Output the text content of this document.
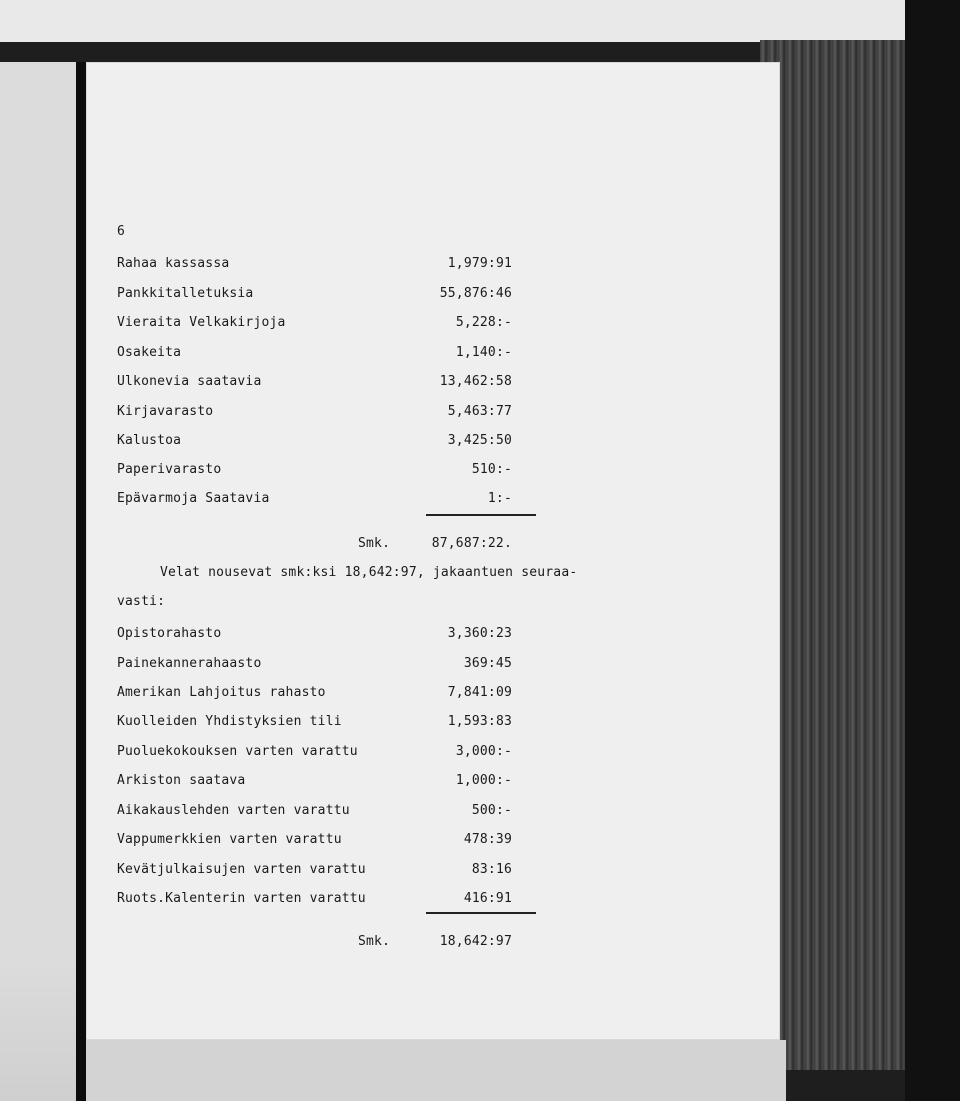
6
Rahaa kassassa	1,979:91
Pankkitalletuksia	55,876:46
Vieraita Velkakirjoja	5,228:-
Osakeita	1,140:-
Ulkonevia saatavia	13,462:58
Kirjavarasto	5,463:77
Kalustoa	3,425:50
Paperivarasto	510:-
Epävarmoja Saatavia	1:-
Smk.	87,687:22.
Velat nousevat smk:ksi 18,642:97, jakaantuen seuraa-
vasti:
Opistorahasto	3,360:23
Painekannerahaasto	369:45
Amerikan Lahjoitus rahasto	7,841:09
Kuolleiden Yhdistyksien tili	1,593:83
Puoluekokouksen varten varattu	3,000:-
Arkiston saatava	1,000:-
Aikakauslehden varten varattu	500:-
Vappumerkkien varten varattu	478:39
Kevätjulkaisujen varten varattu	83:16
Ruots.Kalenterin varten varattu	416:91
Smk.	18,642:97
